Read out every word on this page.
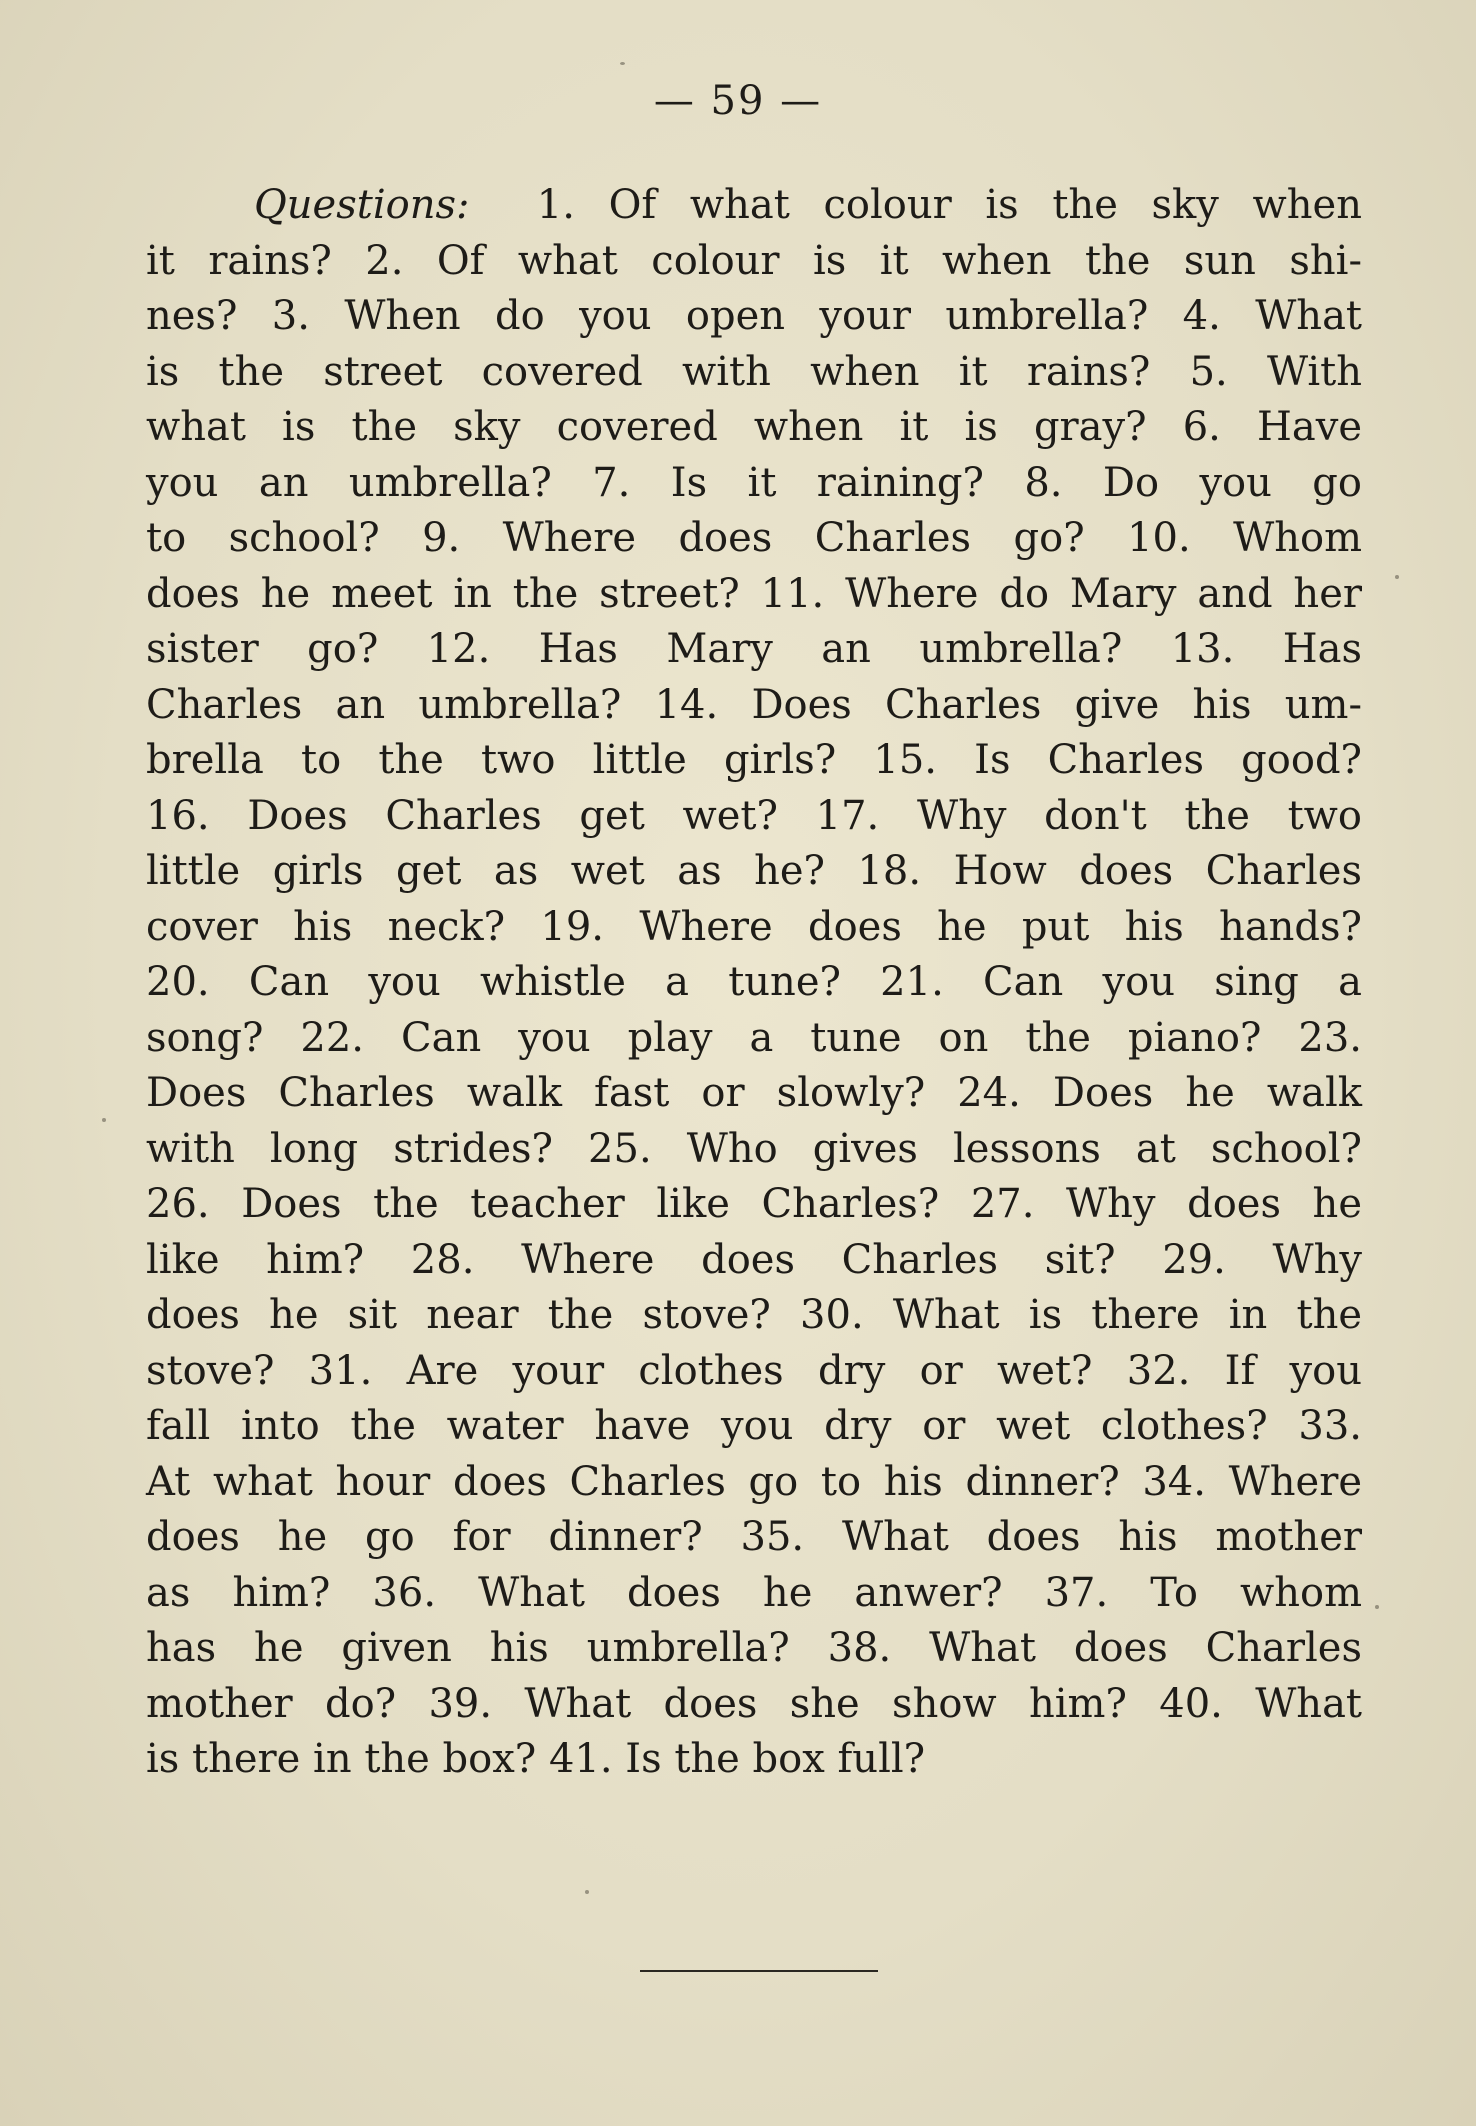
— 59 —
Questions: 1. Of what colour is the sky when
it rains? 2. Of what colour is it when the sun shi-
nes? 3. When do you open your umbrella? 4. What
is the street covered with when it rains? 5. With
what is the sky covered when it is gray? 6. Have
you an umbrella? 7. Is it raining? 8. Do you go
to school? 9. Where does Charles go? 10. Whom
does he meet in the street? 11. Where do Mary and her
sister go? 12. Has Mary an umbrella? 13. Has
Charles an umbrella? 14. Does Charles give his um-
brella to the two little girls? 15. Is Charles good?
16. Does Charles get wet? 17. Why don't the two
little girls get as wet as he? 18. How does Charles
cover his neck? 19. Where does he put his hands?
20. Can you whistle a tune? 21. Can you sing a
song? 22. Can you play a tune on the piano? 23.
Does Charles walk fast or slowly? 24. Does he walk
with long strides? 25. Who gives lessons at school?
26. Does the teacher like Charles? 27. Why does he
like him? 28. Where does Charles sit? 29. Why
does he sit near the stove? 30. What is there in the
stove? 31. Are your clothes dry or wet? 32. If you
fall into the water have you dry or wet clothes? 33.
At what hour does Charles go to his dinner? 34. Where
does he go for dinner? 35. What does his mother
as him? 36. What does he anwer? 37. To whom
has he given his umbrella? 38. What does Charles
mother do? 39. What does she show him? 40. What
is there in the box? 41. Is the box full?
